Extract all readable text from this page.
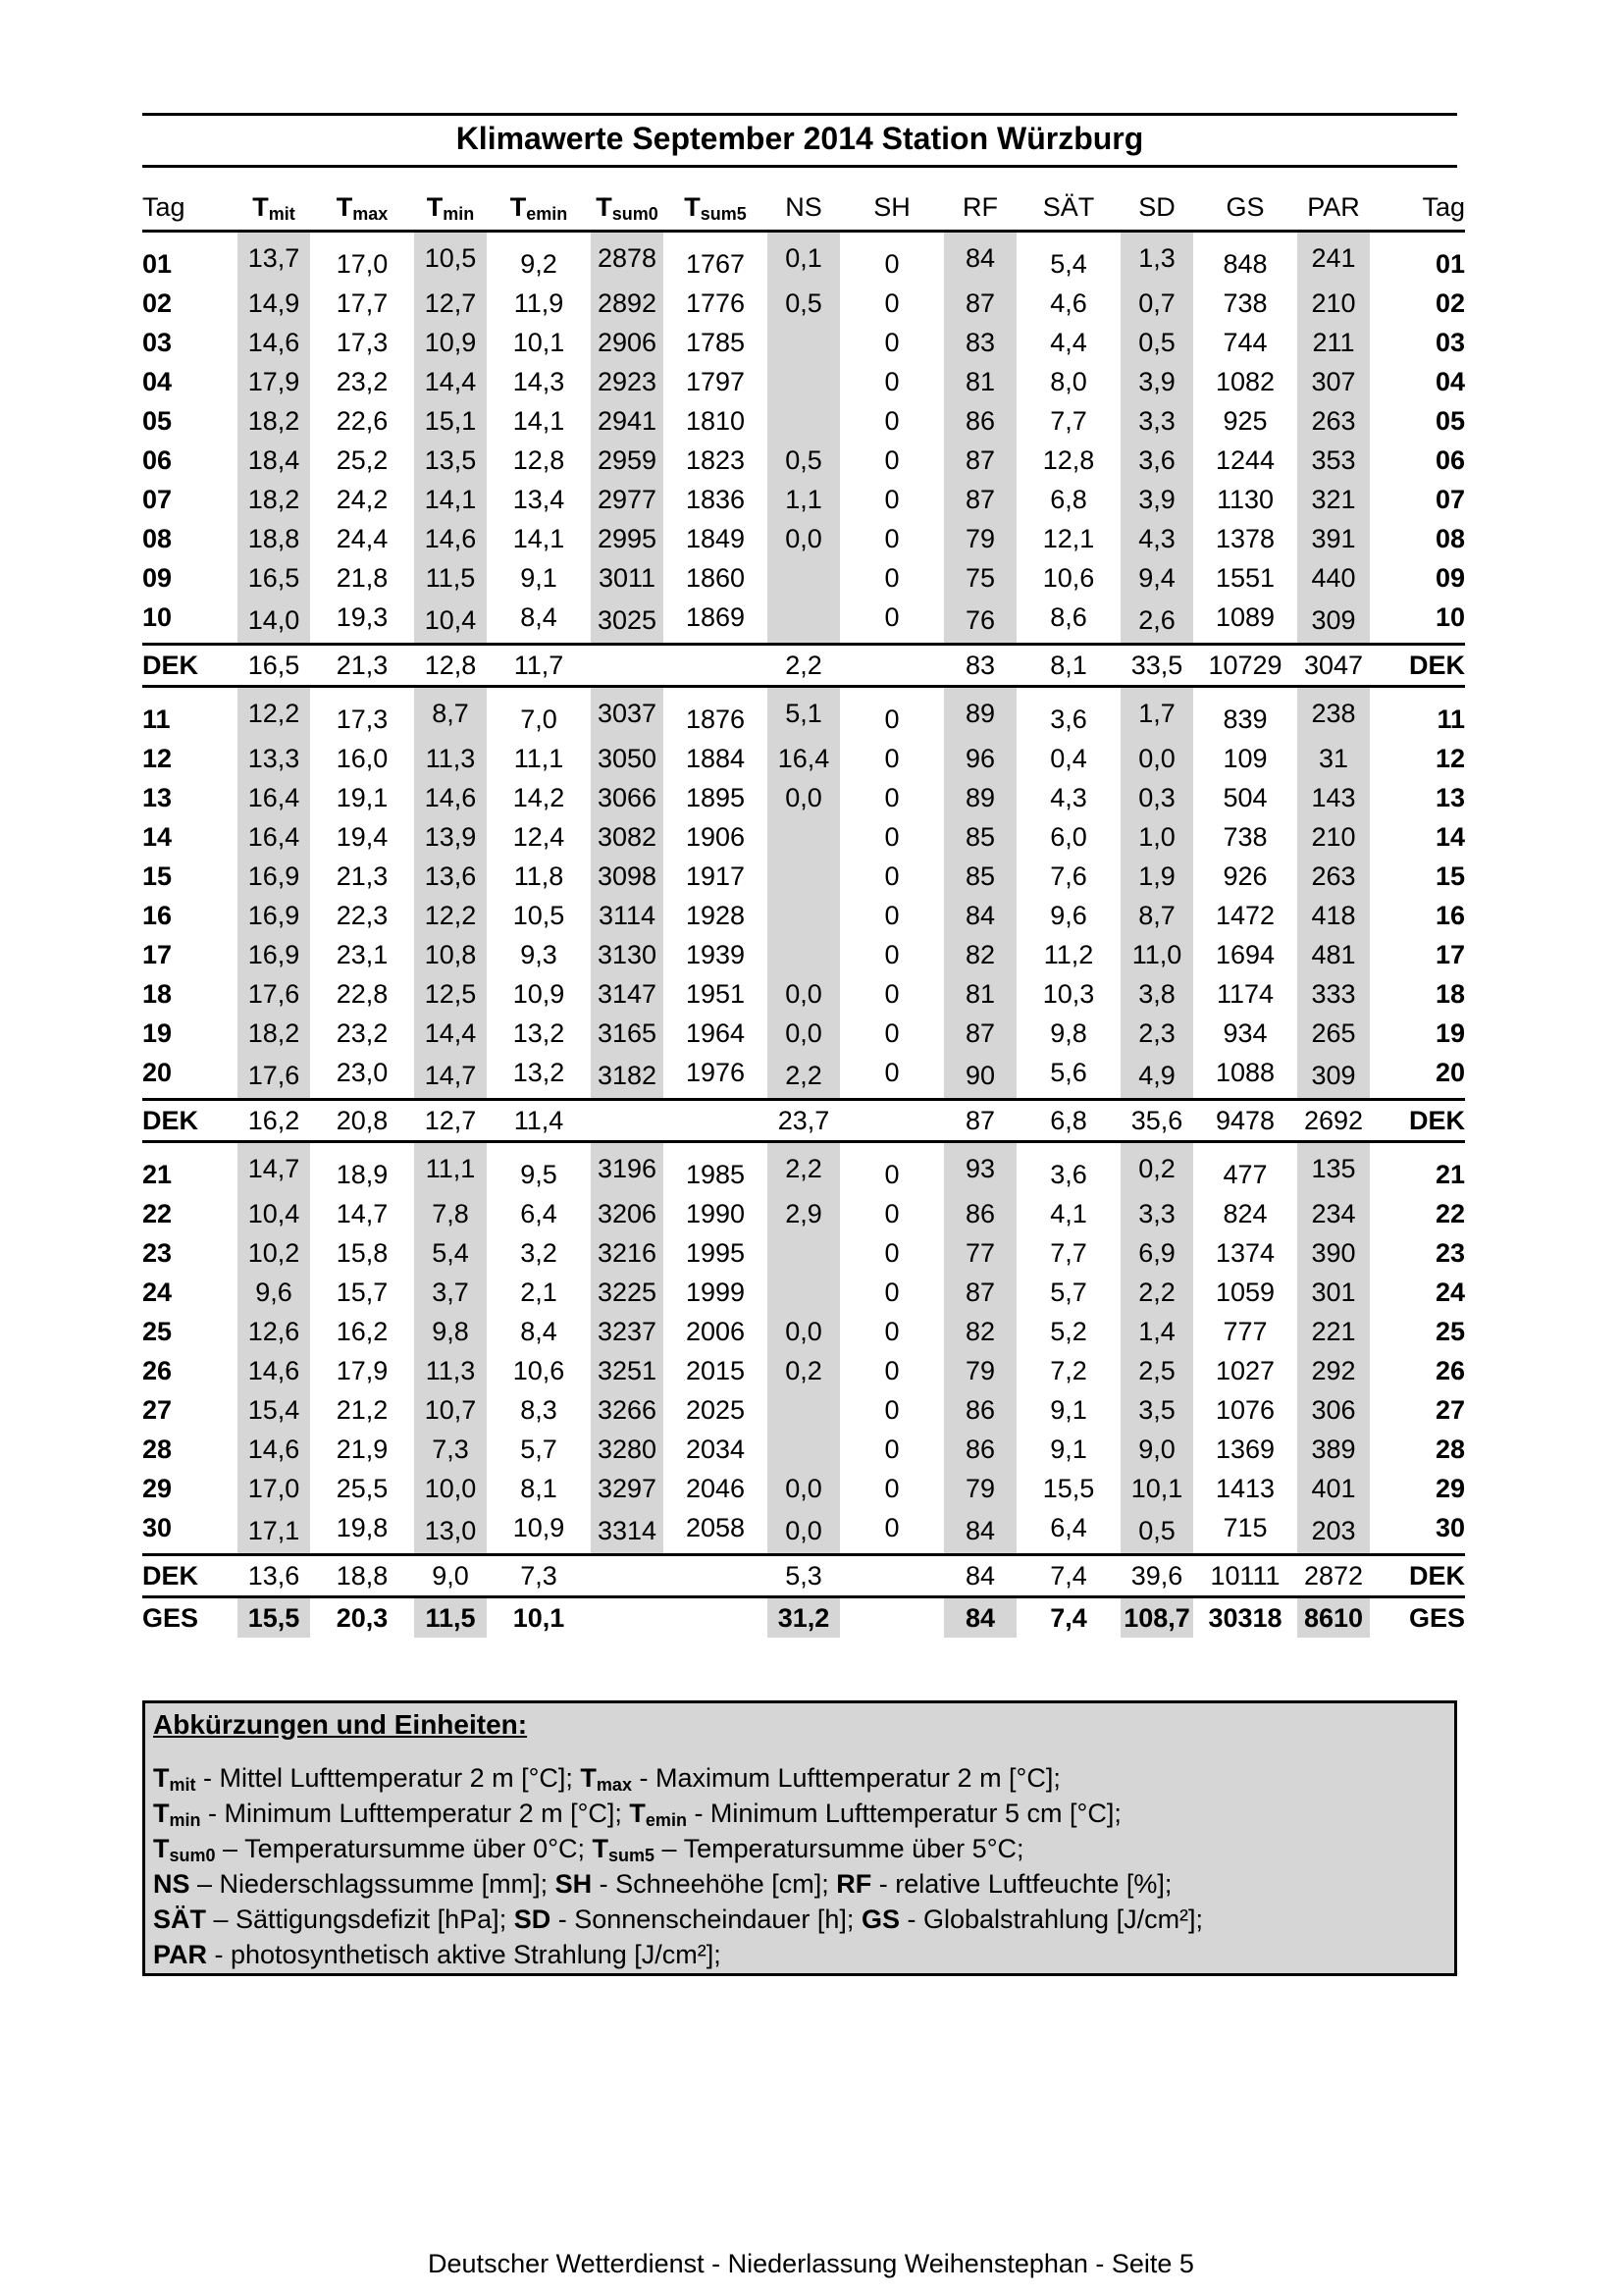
Klimawerte September 2014 Station Würzburg
Tag	$T_{mit}$	$T_{max}$	$T_{min}$	$T_{emin}$	$T_{sum0}$	$T_{sum5}$	NS	SH	RF	SÄT	SD	GS	PAR	Tag
01	13,7	17,0	10,5	9,2	2878	1767	0,1	0	84	5,4	1,3	848	241	01
02	14,9	17,7	12,7	11,9	2892	1776	0,5	0	87	4,6	0,7	738	210	02
03	14,6	17,3	10,9	10,1	2906	1785		0	83	4,4	0,5	744	211	03
04	17,9	23,2	14,4	14,3	2923	1797		0	81	8,0	3,9	1082	307	04
05	18,2	22,6	15,1	14,1	2941	1810		0	86	7,7	3,3	925	263	05
06	18,4	25,2	13,5	12,8	2959	1823	0,5	0	87	12,8	3,6	1244	353	06
07	18,2	24,2	14,1	13,4	2977	1836	1,1	0	87	6,8	3,9	1130	321	07
08	18,8	24,4	14,6	14,1	2995	1849	0,0	0	79	12,1	4,3	1378	391	08
09	16,5	21,8	11,5	9,1	3011	1860		0	75	10,6	9,4	1551	440	09
10	14,0	19,3	10,4	8,4	3025	1869		0	76	8,6	2,6	1089	309	10
DEK	16,5	21,3	12,8	11,7			2,2		83	8,1	33,5	10729	3047	DEK
11	12,2	17,3	8,7	7,0	3037	1876	5,1	0	89	3,6	1,7	839	238	11
12	13,3	16,0	11,3	11,1	3050	1884	16,4	0	96	0,4	0,0	109	31	12
13	16,4	19,1	14,6	14,2	3066	1895	0,0	0	89	4,3	0,3	504	143	13
14	16,4	19,4	13,9	12,4	3082	1906		0	85	6,0	1,0	738	210	14
15	16,9	21,3	13,6	11,8	3098	1917		0	85	7,6	1,9	926	263	15
16	16,9	22,3	12,2	10,5	3114	1928		0	84	9,6	8,7	1472	418	16
17	16,9	23,1	10,8	9,3	3130	1939		0	82	11,2	11,0	1694	481	17
18	17,6	22,8	12,5	10,9	3147	1951	0,0	0	81	10,3	3,8	1174	333	18
19	18,2	23,2	14,4	13,2	3165	1964	0,0	0	87	9,8	2,3	934	265	19
20	17,6	23,0	14,7	13,2	3182	1976	2,2	0	90	5,6	4,9	1088	309	20
DEK	16,2	20,8	12,7	11,4			23,7		87	6,8	35,6	9478	2692	DEK
21	14,7	18,9	11,1	9,5	3196	1985	2,2	0	93	3,6	0,2	477	135	21
22	10,4	14,7	7,8	6,4	3206	1990	2,9	0	86	4,1	3,3	824	234	22
23	10,2	15,8	5,4	3,2	3216	1995		0	77	7,7	6,9	1374	390	23
24	9,6	15,7	3,7	2,1	3225	1999		0	87	5,7	2,2	1059	301	24
25	12,6	16,2	9,8	8,4	3237	2006	0,0	0	82	5,2	1,4	777	221	25
26	14,6	17,9	11,3	10,6	3251	2015	0,2	0	79	7,2	2,5	1027	292	26
27	15,4	21,2	10,7	8,3	3266	2025		0	86	9,1	3,5	1076	306	27
28	14,6	21,9	7,3	5,7	3280	2034		0	86	9,1	9,0	1369	389	28
29	17,0	25,5	10,0	8,1	3297	2046	0,0	0	79	15,5	10,1	1413	401	29
30	17,1	19,8	13,0	10,9	3314	2058	0,0	0	84	6,4	0,5	715	203	30
DEK	13,6	18,8	9,0	7,3			5,3		84	7,4	39,6	10111	2872	DEK
GES	15,5	20,3	11,5	10,1			31,2		84	7,4	108,7	30318	8610	GES
Abkürzungen und Einheiten:
$T_{mit}$ - Mittel Lufttemperatur 2 m [°C]; $T_{max}$ - Maximum Lufttemperatur 2 m [°C];
$T_{min}$ - Minimum Lufttemperatur 2 m [°C]; $T_{emin}$ - Minimum Lufttemperatur 5 cm [°C];
$T_{sum0}$ – Temperatursumme über 0°C; $T_{sum5}$ – Temperatursumme über 5°C;
NS – Niederschlagssumme [mm]; SH - Schneehöhe [cm]; RF - relative Luftfeuchte [%];
SÄT – Sättigungsdefizit [hPa]; SD - Sonnenscheindauer [h]; GS - Globalstrahlung [J/cm²];
PAR - photosynthetisch aktive Strahlung [J/cm²];
Deutscher Wetterdienst - Niederlassung Weihenstephan - Seite 5
